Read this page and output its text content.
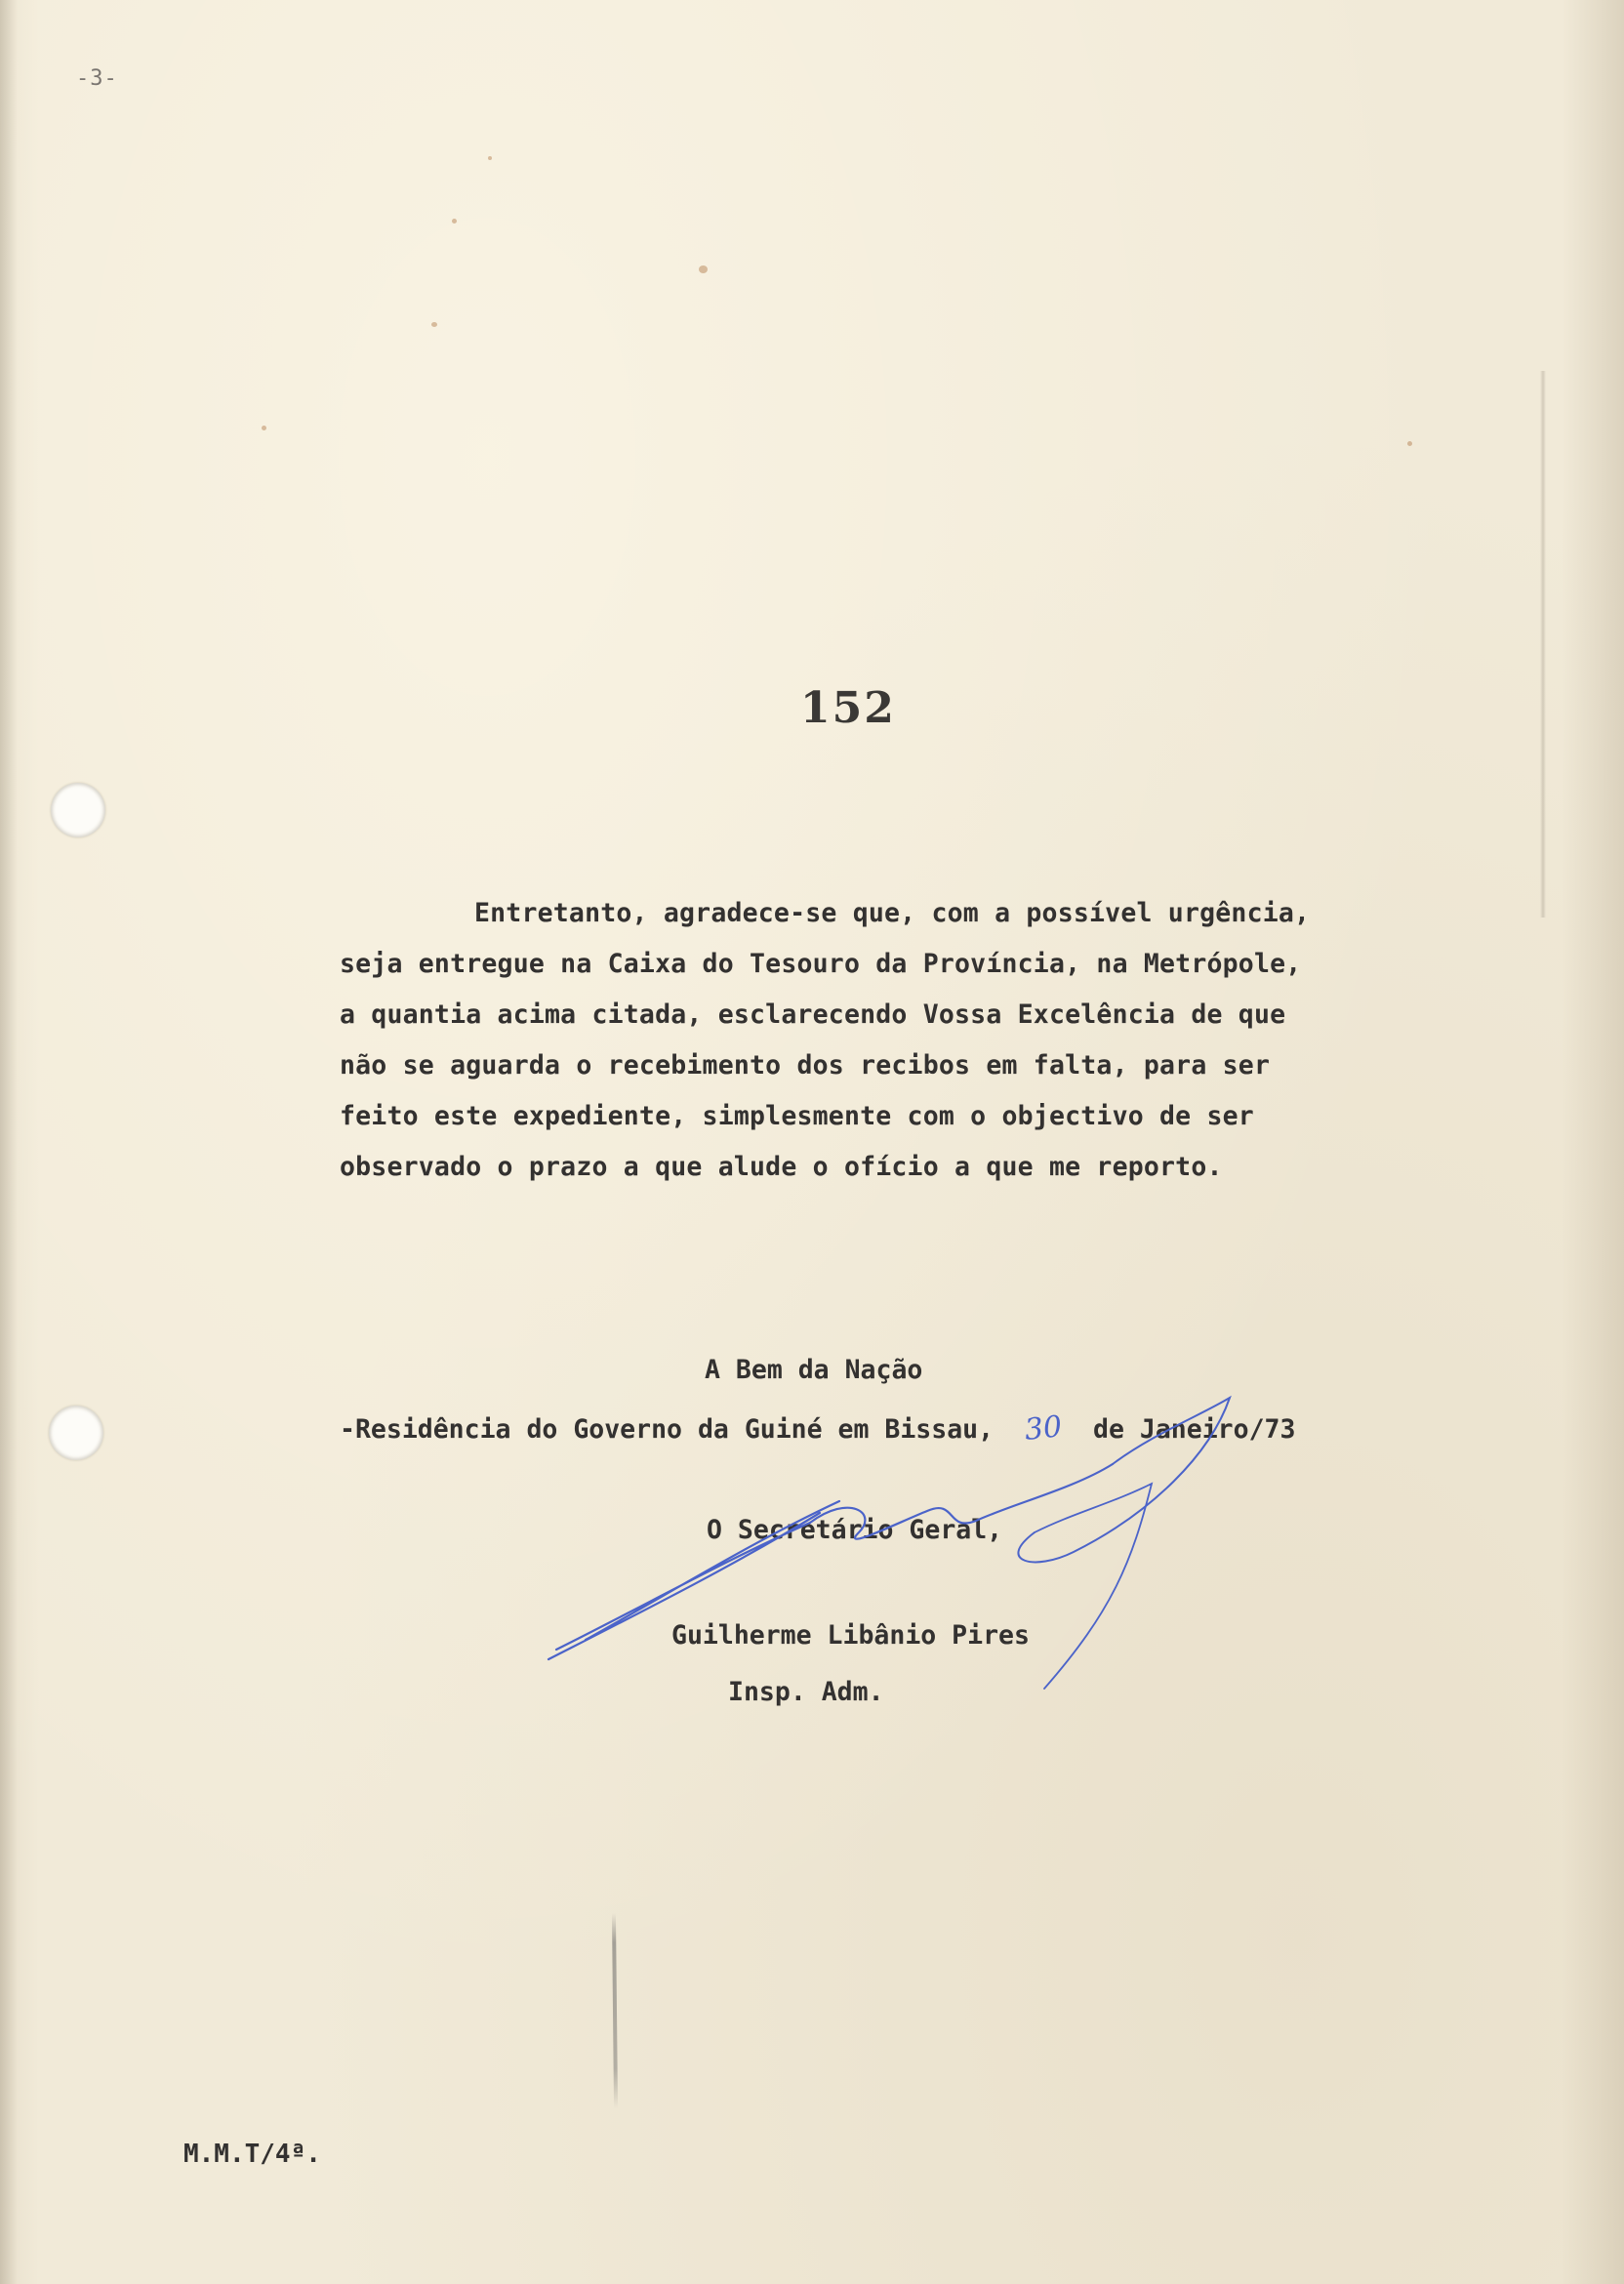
-3-
152
Entretanto, agradece-se que, com a possível urgência,
seja entregue na Caixa do Tesouro da Província, na Metrópole,
a quantia acima citada, esclarecendo Vossa Excelência de que
não se aguarda o recebimento dos recibos em falta, para ser
feito este expediente, simplesmente com o objectivo de ser
observado o prazo a que alude o ofício a que me reporto.
A Bem da Nação
-Residência do Governo da Guiné em Bissau, 30 de Janeiro/73
O Secretário Geral,
Guilherme Libânio Pires
Insp. Adm.
M.M.T/4ª.
